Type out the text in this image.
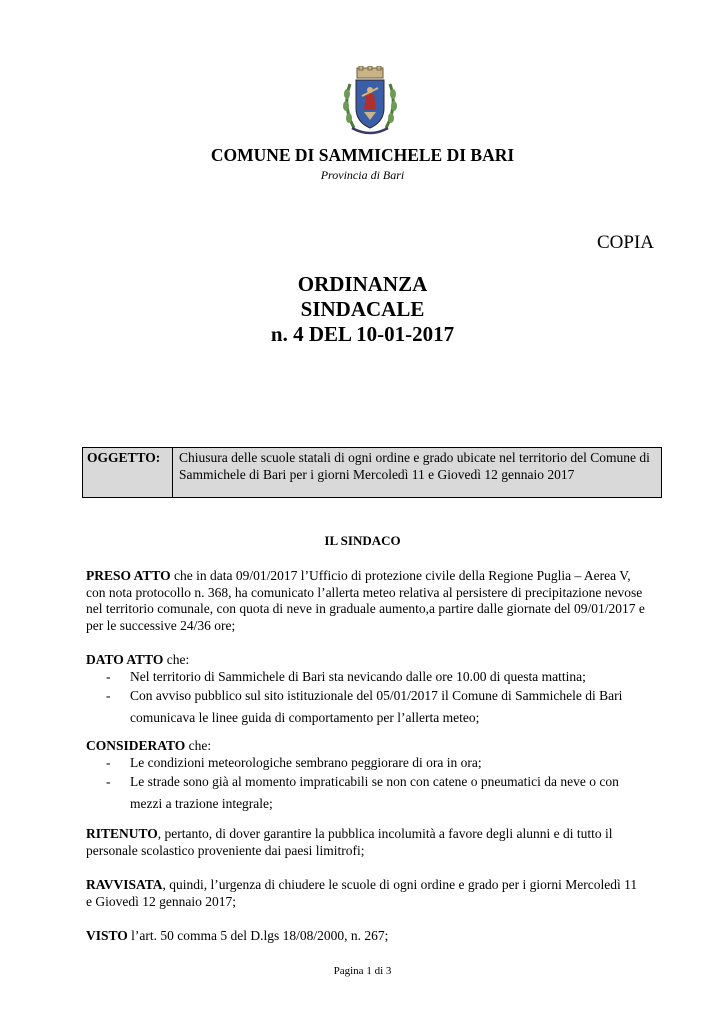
COMUNE DI SAMMICHELE DI BARI
Provincia di Bari
COPIA
ORDINANZA
SINDACALE
n. 4 DEL 10-01-2017
OGGETTO:	Chiusura delle scuole statali di ogni ordine e grado ubicate nel territorio del Comune di Sammichele di Bari per i giorni Mercoledì 11 e Giovedì 12 gennaio 2017
IL SINDACO
PRESO ATTO che in data 09/01/2017 l’Ufficio di protezione civile della Regione Puglia – Aerea V, con nota protocollo n. 368, ha comunicato l’allerta meteo relativa al persistere di precipitazione nevose nel territorio comunale, con quota di neve in graduale aumento,a partire dalle giornate del 09/01/2017 e per le successive 24/36 ore;
DATO ATTO che:
- Nel territorio di Sammichele di Bari sta nevicando dalle ore 10.00 di questa mattina;
- Con avviso pubblico sul sito istituzionale del 05/01/2017 il Comune di Sammichele di Bari comunicava le linee guida di comportamento per l’allerta meteo;
CONSIDERATO che:
- Le condizioni meteorologiche sembrano peggiorare di ora in ora;
- Le strade sono già al momento impraticabili se non con catene o pneumatici da neve o con mezzi a trazione integrale;
RITENUTO, pertanto, di dover garantire la pubblica incolumità a favore degli alunni e di tutto il personale scolastico proveniente dai paesi limitrofi;
RAVVISATA, quindi, l’urgenza di chiudere le scuole di ogni ordine e grado per i giorni Mercoledì 11 e Giovedì 12 gennaio 2017;
VISTO l’art. 50 comma 5 del D.lgs 18/08/2000, n. 267;
Pagina 1 di 3
